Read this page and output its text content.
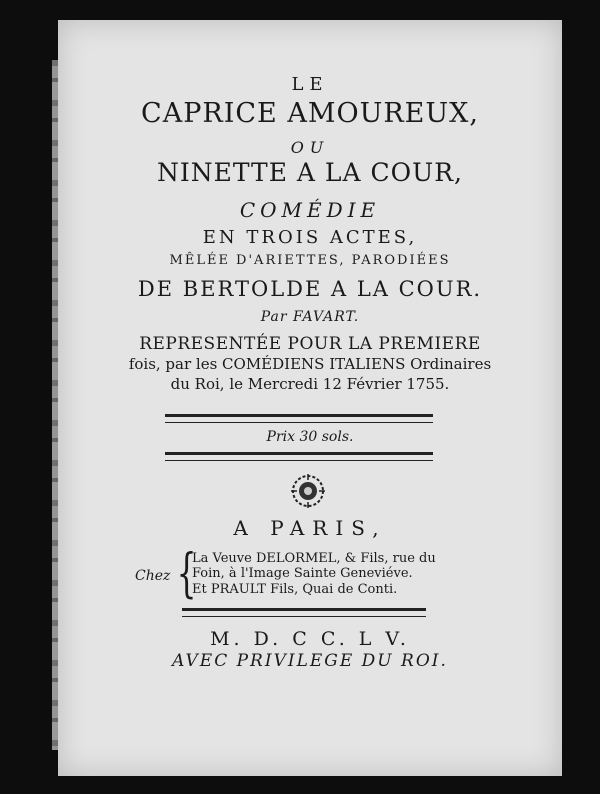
LE
CAPRICE AMOUREUX,
OU
NINETTE A LA COUR,
COMÉDIE
EN TROIS ACTES,
MÊLÉE D'ARIETTES, PARODIÉES
DE BERTOLDE A LA COUR.
Par FAVART.
REPRESENTÉE POUR LA PREMIERE
fois, par les COMÉDIENS ITALIENS Ordinaires
du Roi, le Mercredi 12 Février 1755.
Prix 30 sols.
A PARIS,
Chez {
La Veuve DELORMEL, & Fils, rue du
Foin, à l'Image Sainte Geneviéve.
Et PRAULT Fils, Quai de Conti.
M. D. C C. L V.
AVEC PRIVILEGE DU ROI.
